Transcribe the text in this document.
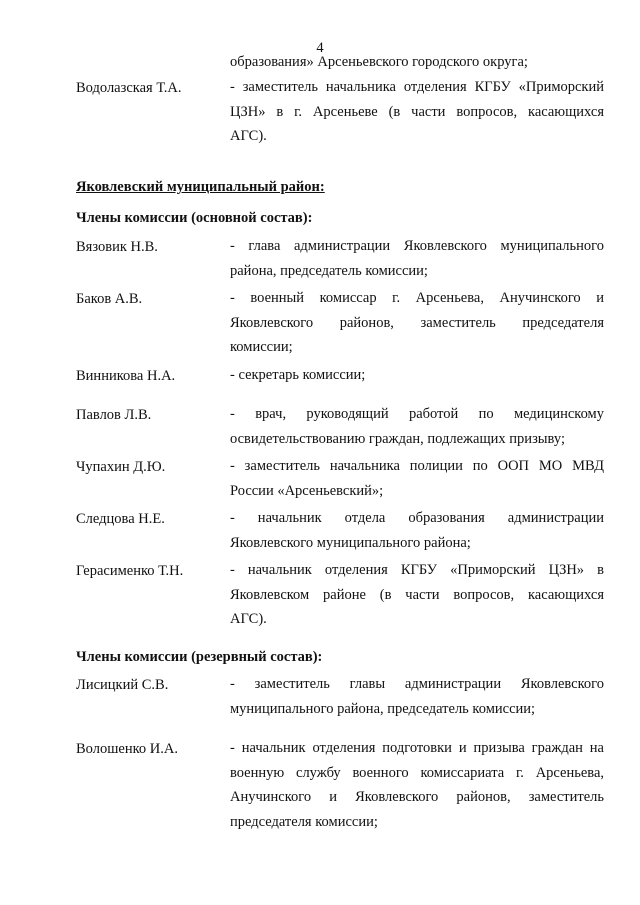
4
образования» Арсеньевского городского округа;
Водолазская Т.А.	- заместитель начальника отделения КГБУ «Приморский
ЦЗН» в г. Арсеньеве (в части вопросов, касающихся
АГС).
Яковлевский муниципальный район:
Члены комиссии (основной состав):
Вязовик Н.В.	- глава администрации Яковлевского муниципального
района, председатель комиссии;
Баков А.В.	- военный комиссар г. Арсеньева, Анучинского и
Яковлевского районов, заместитель председателя
комиссии;
Винникова Н.А.	- секретарь комиссии;
Павлов Л.В.	- врач, руководящий работой по медицинскому
освидетельствованию граждан, подлежащих призыву;
Чупахин Д.Ю.	- заместитель начальника полиции по ООП МО МВД
России «Арсеньевский»;
Следцова Н.Е.	- начальник отдела образования администрации
Яковлевского муниципального района;
Герасименко Т.Н.	- начальник отделения КГБУ «Приморский ЦЗН» в
Яковлевском районе (в части вопросов, касающихся
АГС).
Члены комиссии (резервный состав):
Лисицкий С.В.	- заместитель главы администрации Яковлевского
муниципального района, председатель комиссии;
Волошенко И.А.	- начальник отделения подготовки и призыва граждан на
военную службу военного комиссариата г. Арсеньева,
Анучинского и Яковлевского районов, заместитель
председателя комиссии;
